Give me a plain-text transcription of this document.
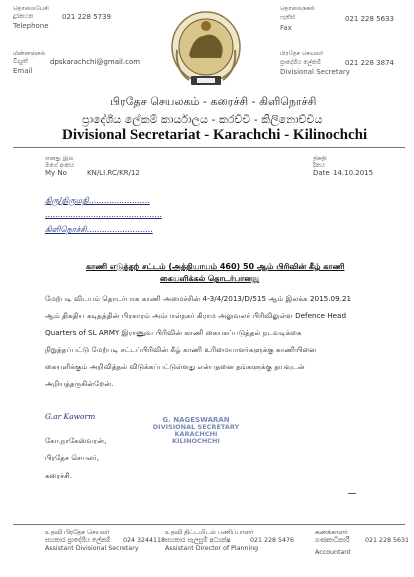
தொலைபேசி
දුරකථන
Telephone
021 228 5739
மின்னஞ்சல்
විද්‍යුත්
Email
dpskarachchi@gmail.com
தொலைநகல்
ෆැක්ස්
Fax
021 228 5633
பிரதேச செயலர்
ප්‍රාදේශීය ලේකම්
Divisional Secretary
021 228 3874
பிரதேச செயலகம் - கரைச்சி - கிளிநொச்சி
ප්‍රාදේශීය ලේකම් කාර්යාලය - කරච්චි - කිලිනොච්චිය
Divisional Secretariat - Karachchi - Kilinochchi
எனது இல
මගේ අංකය
My No	KN/LI.RC/KR/12
திகதி
දිනය
Date 14.10.2015
திரு/திருமதி........................
..............................................
கிளிநொச்சி..........................
காணி எடுத்தற் சட்டம் (அத்தியாயம் 460) 50 ஆம் பிரிவின் கீழ் காணி
கையளிக்கல் தொடர்பானது
மேற்படி விடயம் தொடர்பாக காணி அமைச்சின் 4-3/4/2013/D/515 ஆம் இலக்க 2015.09.21
ஆம் திகதிய கடிதத்தின் பிரகாரம் அம்பாள்நகர் கிராம அலுவலர் பிரிவிலுள்ள Defence Head
Quarters of SL ARMY இராணுவ பிரிவின் காணி கையகப்படுத்தல் நடவடிக்கை
நிறுத்தப்பட்டு மேற்படி சட்டப்பிரிவின் கீழ் காணி உரிமையாளர்களுக்கு காணியினை
கையளிக்கும் அறிவித்தல் விடுக்கப்பட்டுள்ளது என்பதனை தங்களுக்கு தயவுடன்
அறியத்தருகின்றேன்.
G.ar Kaworm
கோ.நாகேஸ்வரன்,
பிரதேச செயலர்,
கரைச்சி.
G. NAGESWARAN
DIVISIONAL SECRETARY
KARACHCHI
KILINOCHCHI
உதவி பிரதேச செயலர்
සහකාර ප්‍රාදේශීය ලේකම්
Assistant Divisional Secretary
024 3244118
உதவி திட்டமிடல் பணிப்பாளர்
සහකාර සැලසුම් අධ්‍යක්ෂ
Assistant Director of Planning
021 228 5476
கணக்காளர்
ගණකාධිකාරී
Accountant
021 228 5631
